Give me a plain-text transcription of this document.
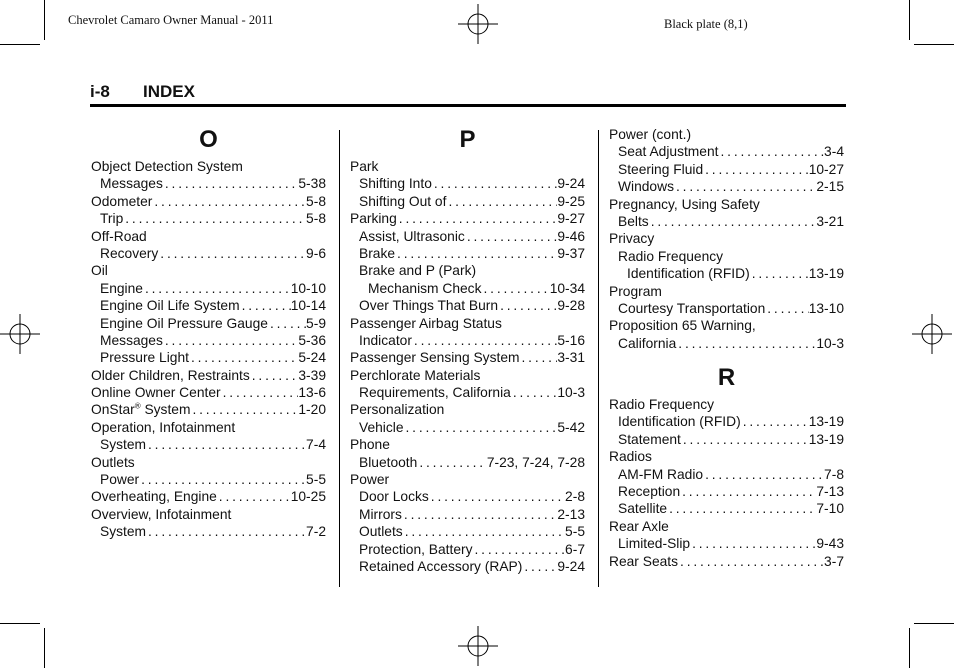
Chevrolet Camaro Owner Manual - 2011	Black plate (8,1)
i-8 INDEX
O
Object Detection System
Messages . . .	5-38
Odometer . . .	5-8
Trip . . .	5-8
Off-Road
Recovery . . .	9-6
Oil
Engine . . .	10-10
Engine Oil Life System . . .	10-14
Engine Oil Pressure Gauge . . .	5-9
Messages . . .	5-36
Pressure Light . . .	5-24
Older Children, Restraints . . .	3-39
Online Owner Center . . .	13-6
OnStar® System . . .	1-20
Operation, Infotainment
System . . .	7-4
Outlets
Power . . .	5-5
Overheating, Engine . . .	10-25
Overview, Infotainment
System . . .	7-2
P
Park
Shifting Into . . .	9-24
Shifting Out of . . .	9-25
Parking . . .	9-27
Assist, Ultrasonic . . .	9-46
Brake . . .	9-37
Brake and P (Park)
Mechanism Check . . .	10-34
Over Things That Burn . . .	9-28
Passenger Airbag Status
Indicator . . .	5-16
Passenger Sensing System . . .	3-31
Perchlorate Materials
Requirements, California . . .	10-3
Personalization
Vehicle . . .	5-42
Phone
Bluetooth . . .	7-23, 7-24, 7-28
Power
Door Locks . . .	2-8
Mirrors . . .	2-13
Outlets . . .	5-5
Protection, Battery . . .	6-7
Retained Accessory (RAP) . . .	9-24
Power (cont.)
Seat Adjustment . . .	3-4
Steering Fluid . . .	10-27
Windows . . .	2-15
Pregnancy, Using Safety
Belts . . .	3-21
Privacy
Radio Frequency
Identification (RFID) . . .	13-19
Program
Courtesy Transportation . . .	13-10
Proposition 65 Warning,
California . . .	10-3
R
Radio Frequency
Identification (RFID) . . .	13-19
Statement . . .	13-19
Radios
AM-FM Radio . . .	7-8
Reception . . .	7-13
Satellite . . .	7-10
Rear Axle
Limited-Slip . . .	9-43
Rear Seats . . .	3-7
